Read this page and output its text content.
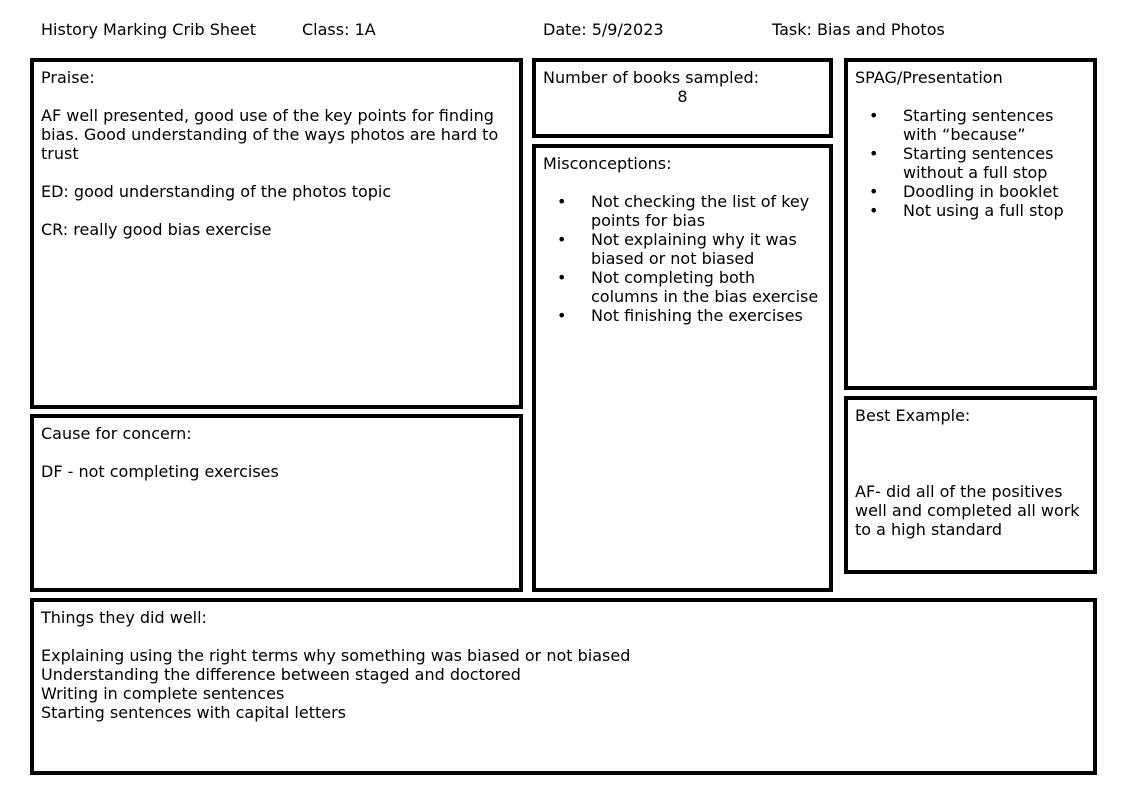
History Marking Crib Sheet	Class: 1A	Date: 5/9/2023	Task: Bias and Photos

Praise:

AF well presented, good use of the key points for finding bias. Good understanding of the ways photos are hard to trust

ED: good understanding of the photos topic

CR: really good bias exercise

Cause for concern:

DF - not completing exercises

Number of books sampled:

8

Misconceptions:

• Not checking the list of key points for bias
• Not explaining why it was biased or not biased
• Not completing both columns in the bias exercise
• Not finishing the exercises

SPAG/Presentation

• Starting sentences with “because”
• Starting sentences without a full stop
• Doodling in booklet
• Not using a full stop

Best Example:

AF- did all of the positives well and completed all work to a high standard

Things they did well:

Explaining using the right terms why something was biased or not biased

Understanding the difference between staged and doctored

Writing in complete sentences

Starting sentences with capital letters
